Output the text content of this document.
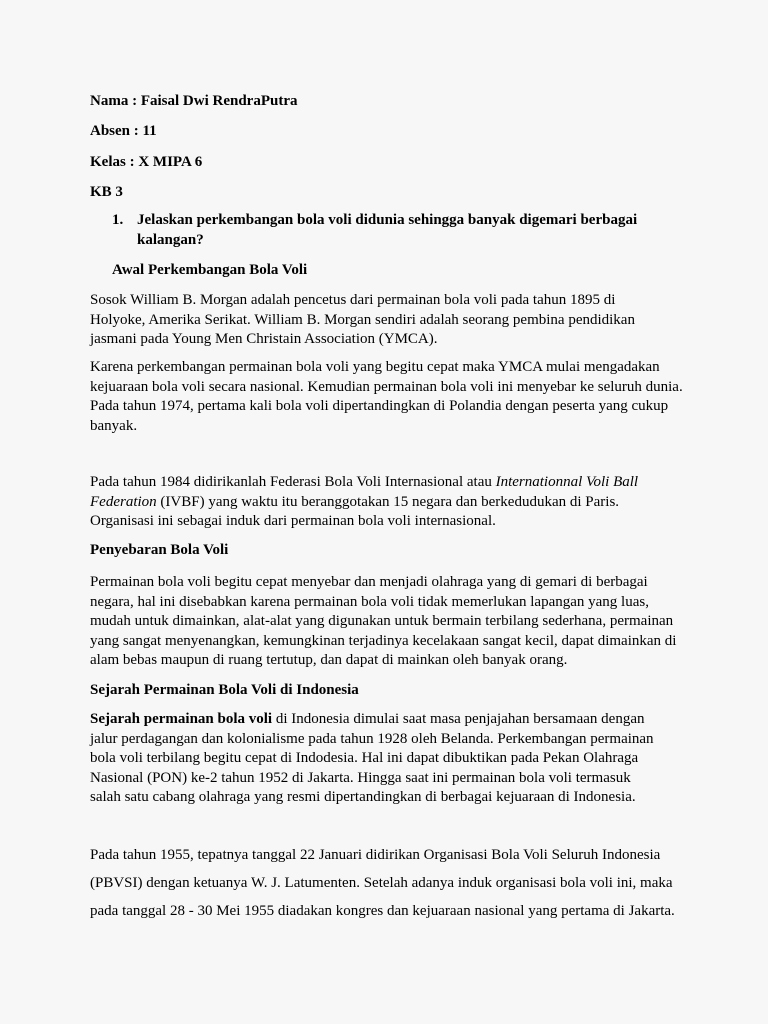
Nama : Faisal Dwi RendraPutra

Absen : 11

Kelas : X MIPA 6

KB 3

1. Jelaskan perkembangan bola voli didunia sehingga banyak digemari berbagai kalangan?

Awal Perkembangan Bola Voli

Sosok William B. Morgan adalah pencetus dari permainan bola voli pada tahun 1895 di Holyoke, Amerika Serikat. William B. Morgan sendiri adalah seorang pembina pendidikan jasmani pada Young Men Christain Association (YMCA).

Karena perkembangan permainan bola voli yang begitu cepat maka YMCA mulai mengadakan kejuaraan bola voli secara nasional. Kemudian permainan bola voli ini menyebar ke seluruh dunia. Pada tahun 1974, pertama kali bola voli dipertandingkan di Polandia dengan peserta yang cukup banyak.

Pada tahun 1984 didirikanlah Federasi Bola Voli Internasional atau Internationnal Voli Ball Federation (IVBF) yang waktu itu beranggotakan 15 negara dan berkedudukan di Paris. Organisasi ini sebagai induk dari permainan bola voli internasional.

Penyebaran Bola Voli

Permainan bola voli begitu cepat menyebar dan menjadi olahraga yang di gemari di berbagai negara, hal ini disebabkan karena permainan bola voli tidak memerlukan lapangan yang luas, mudah untuk dimainkan, alat-alat yang digunakan untuk bermain terbilang sederhana, permainan yang sangat menyenangkan, kemungkinan terjadinya kecelakaan sangat kecil, dapat dimainkan di alam bebas maupun di ruang tertutup, dan dapat di mainkan oleh banyak orang.

Sejarah Permainan Bola Voli di Indonesia

Sejarah permainan bola voli di Indonesia dimulai saat masa penjajahan bersamaan dengan jalur perdagangan dan kolonialisme pada tahun 1928 oleh Belanda. Perkembangan permainan bola voli terbilang begitu cepat di Indodesia. Hal ini dapat dibuktikan pada Pekan Olahraga Nasional (PON) ke-2 tahun 1952 di Jakarta. Hingga saat ini permainan bola voli termasuk salah satu cabang olahraga yang resmi dipertandingkan di berbagai kejuaraan di Indonesia.

Pada tahun 1955, tepatnya tanggal 22 Januari didirikan Organisasi Bola Voli Seluruh Indonesia

(PBVSI) dengan ketuanya W. J. Latumenten. Setelah adanya induk organisasi bola voli ini, maka

pada tanggal 28 - 30 Mei 1955 diadakan kongres dan kejuaraan nasional yang pertama di Jakarta.
